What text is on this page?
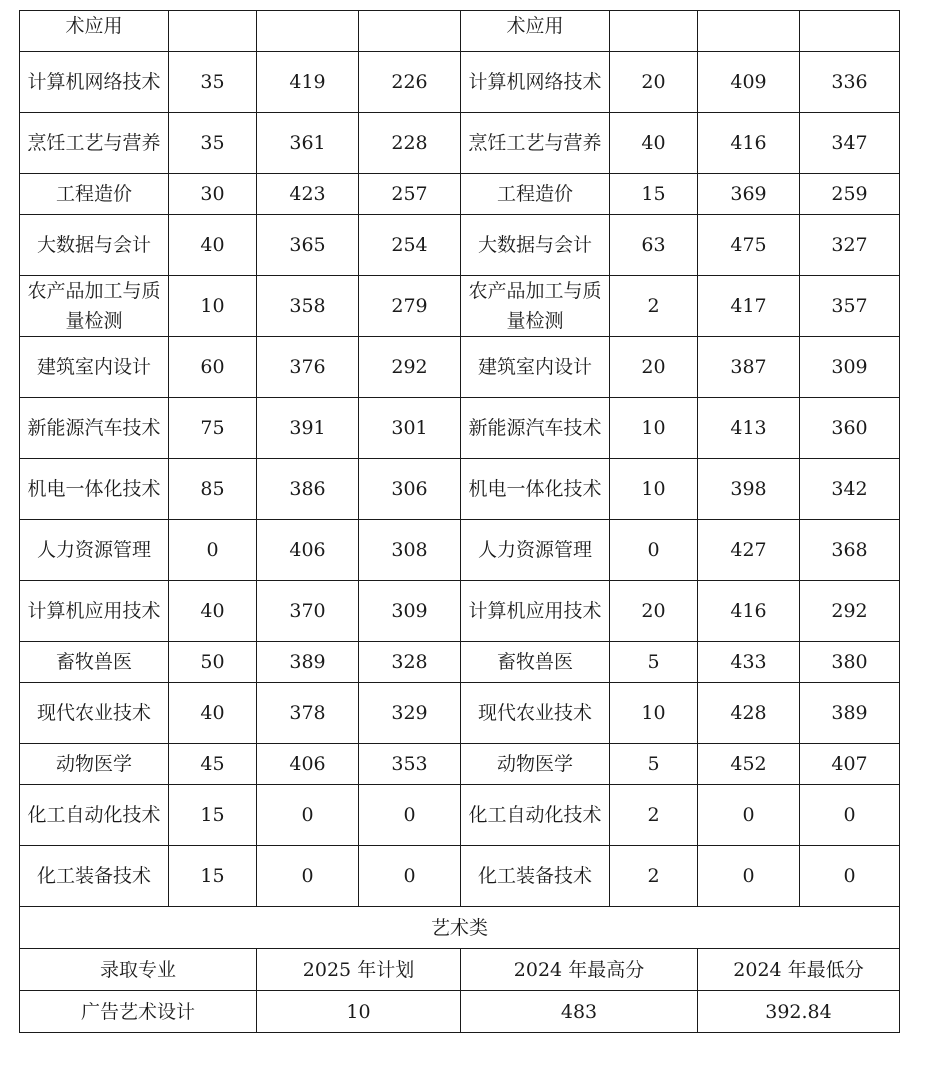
术应用				术应用			
计算机网络技术	35	419	226	计算机网络技术	20	409	336
烹饪工艺与营养	35	361	228	烹饪工艺与营养	40	416	347
工程造价	30	423	257	工程造价	15	369	259
大数据与会计	40	365	254	大数据与会计	63	475	327
农产品加工与质量检测	10	358	279	农产品加工与质量检测	2	417	357
建筑室内设计	60	376	292	建筑室内设计	20	387	309
新能源汽车技术	75	391	301	新能源汽车技术	10	413	360
机电一体化技术	85	386	306	机电一体化技术	10	398	342
人力资源管理	0	406	308	人力资源管理	0	427	368
计算机应用技术	40	370	309	计算机应用技术	20	416	292
畜牧兽医	50	389	328	畜牧兽医	5	433	380
现代农业技术	40	378	329	现代农业技术	10	428	389
动物医学	45	406	353	动物医学	5	452	407
化工自动化技术	15	0	0	化工自动化技术	2	0	0
化工装备技术	15	0	0	化工装备技术	2	0	0
艺术类							
录取专业		2025 年计划		2024 年最高分		2024 年最低分	
广告艺术设计		10		483		392.84	
